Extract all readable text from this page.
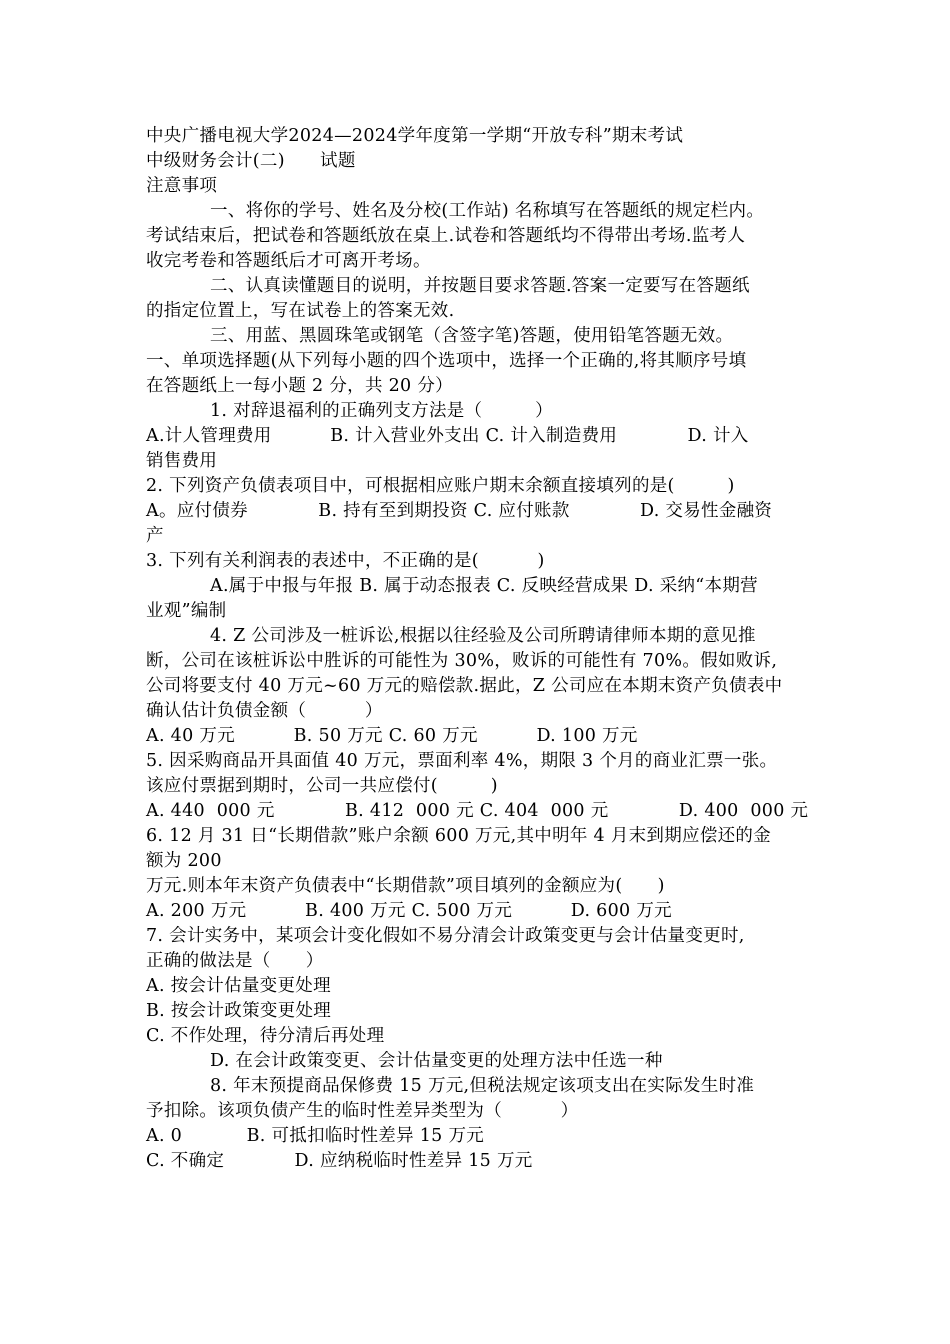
中央广播电视大学2024—2024学年度第一学期“开放专科”期末考试
中级财务会计(二)      试题
注意事项
一、将你的学号、姓名及分校(工作站) 名称填写在答题纸的规定栏内。
考试结束后，把试卷和答题纸放在桌上.试卷和答题纸均不得带出考场.监考人
收完考卷和答题纸后才可离开考场。
二、认真读懂题目的说明，并按题目要求答题.答案一定要写在答题纸
的指定位置上，写在试卷上的答案无效.
三、用蓝、黑圆珠笔或钢笔（含签字笔)答题，使用铅笔答题无效。
一、单项选择题(从下列每小题的四个选项中，选择一个正确的,将其顺序号填
在答题纸上一每小题 2 分，共 20 分）
1. 对辞退福利的正确列支方法是（         ）
A.计人管理费用          B. 计入营业外支出 C. 计入制造费用            D. 计入
销售费用
2. 下列资产负债表项目中，可根据相应账户期末余额直接填列的是(         )
A。应付债券            B. 持有至到期投资 C. 应付账款            D. 交易性金融资
产
3. 下列有关利润表的表述中，不正确的是(          )
A.属于中报与年报 B. 属于动态报表 C. 反映经营成果 D. 采纳“本期营
业观”编制
4. Z 公司涉及一桩诉讼,根据以往经验及公司所聘请律师本期的意见推
断，公司在该桩诉讼中胜诉的可能性为 30%，败诉的可能性有 70%。假如败诉,
公司将要支付 40 万元~60 万元的赔偿款.据此，Z 公司应在本期末资产负债表中
确认估计负债金额（          ）
A. 40 万元          B. 50 万元 C. 60 万元          D. 100 万元
5. 因采购商品开具面值 40 万元，票面利率 4%，期限 3 个月的商业汇票一张。
该应付票据到期时，公司一共应偿付(         )
A. 440  000 元            B. 412  000 元 C. 404  000 元            D. 400  000 元
6. 12 月 31 日“长期借款”账户余额 600 万元,其中明年 4 月末到期应偿还的金
额为 200
万元.则本年末资产负债表中“长期借款”项目填列的金额应为(      )
A. 200 万元          B. 400 万元 C. 500 万元          D. 600 万元
7. 会计实务中，某项会计变化假如不易分清会计政策变更与会计估量变更时,
正确的做法是（      ）
A. 按会计估量变更处理
B. 按会计政策变更处理
C. 不作处理，待分清后再处理
D. 在会计政策变更、会计估量变更的处理方法中任选一种
8. 年末预提商品保修费 15 万元,但税法规定该项支出在实际发生时准
予扣除。该项负债产生的临时性差异类型为（          ）
A. 0           B. 可抵扣临时性差异 15 万元
C. 不确定            D. 应纳税临时性差异 15 万元
